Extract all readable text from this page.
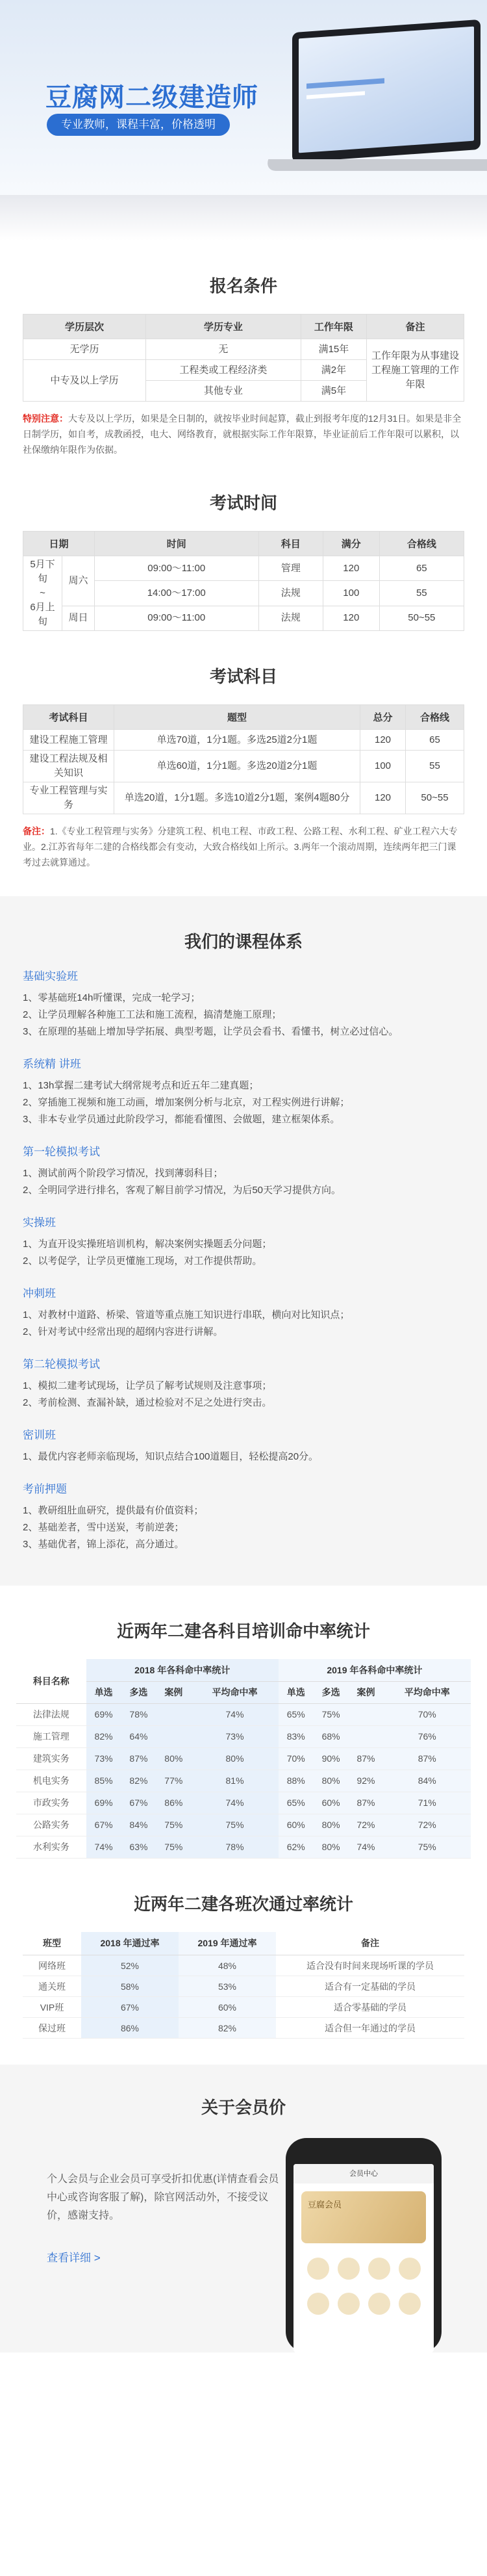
豆腐网二级建造师
专业教师，课程丰富，价格透明
报名条件
学历层次	学历专业	工作年限	备注
无学历	无	满15年	工作年限为从事建设工程施工管理的工作年限
中专及以上学历	工程类或工程经济类	满2年	
	其他专业	满5年	
特别注意：大专及以上学历，如果是全日制的，就按毕业时间起算，截止到报考年度的12月31日。如果是非全日制学历，如自考，成教函授，电大、网络教育，就根据实际工作年限算，毕业证前后工作年限可以累积，以社保缴纳年限作为依据。
考试时间
日期		时间	科目	满分	合格线
5月下旬
~
6月上旬	周六	09:00～11:00	管理	120	65
		14:00～17:00	法规	100	55
	周日	09:00～11:00	法规	120	50~55
考试科目
考试科目	题型	总分	合格线
建设工程施工管理	单选70道，1分1题。多选25道2分1题	120	65
建设工程法规及相关知识	单选60道，1分1题。多选20道2分1题	100	55
专业工程管理与实务	单选20道，1分1题。多选10道2分1题，案例4题80分	120	50~55
备注：1.《专业工程管理与实务》分建筑工程、机电工程、市政工程、公路工程、水利工程、矿业工程六大专业。2.江苏省每年二建的合格线都会有变动，大致合格线如上所示。3.两年一个滚动周期，连续两年把三门课考过去就算通过。
我们的课程体系
基础实验班

1、零基础班14h听懂课，完成一轮学习；

2、让学员理解各种施工工法和施工流程，搞清楚施工原理；

3、在原理的基础上增加导学拓展、典型考题，让学员会看书、看懂书，树立必过信心。

系统精 讲班

1、13h掌握二建考试大纲常规考点和近五年二建真题；

2、穿插施工视频和施工动画，增加案例分析与北京，对工程实例进行讲解；

3、非本专业学员通过此阶段学习，都能看懂图、会做题，建立框架体系。

第一轮模拟考试

1、测试前两个阶段学习情况，找到薄弱科目；

2、全明同学进行排名，客观了解目前学习情况，为后50天学习提供方向。

实操班

1、为直开设实操班培训机构，解决案例实操题丢分问题；

2、以考促学，让学员更懂施工现场，对工作提供帮助。

冲刺班

1、对教材中道路、桥梁、管道等重点施工知识进行串联，横向对比知识点；

2、针对考试中经常出现的超纲内容进行讲解。

第二轮模拟考试

1、模拟二建考试现场，让学员了解考试规则及注意事项；

2、考前检测、查漏补缺，通过检验对不足之处进行突击。

密训班

1、最优内容老师亲临现场，知识点结合100道题目，轻松提高20分。

考前押题

1、教研组肚血研究，提供最有价值资料；

2、基础差者，雪中送炭，考前逆袭；

3、基础优者，锦上添花，高分通过。

近两年二建各科目培训命中率统计
科目名称	2018 年各科命中率统计				2019 年各科命中率统计			
	单选	多选	案例	平均命中率	单选	多选	案例	平均命中率
法律法规	69%	78%		74%	65%	75%		70%
施工管理	82%	64%		73%	83%	68%		76%
建筑实务	73%	87%	80%	80%	70%	90%	87%	87%
机电实务	85%	82%	77%	81%	88%	80%	92%	84%
市政实务	69%	67%	86%	74%	65%	60%	87%	71%
公路实务	67%	84%	75%	75%	60%	80%	72%	72%
水利实务	74%	63%	75%	78%	62%	80%	74%	75%
近两年二建各班次通过率统计
班型	2018 年通过率	2019 年通过率	备注
网络班	52%	48%	适合没有时间来现场听课的学员
通关班	58%	53%	适合有一定基础的学员
VIP班	67%	60%	适合零基础的学员
保过班	86%	82%	适合但一年通过的学员
关于会员价
个人会员与企业会员可享受折扣优惠(详情查看会员中心或咨询客服了解)，除官网活动外，不接受议价，感谢支持。
查看详细 >
会员中心
豆腐会员
